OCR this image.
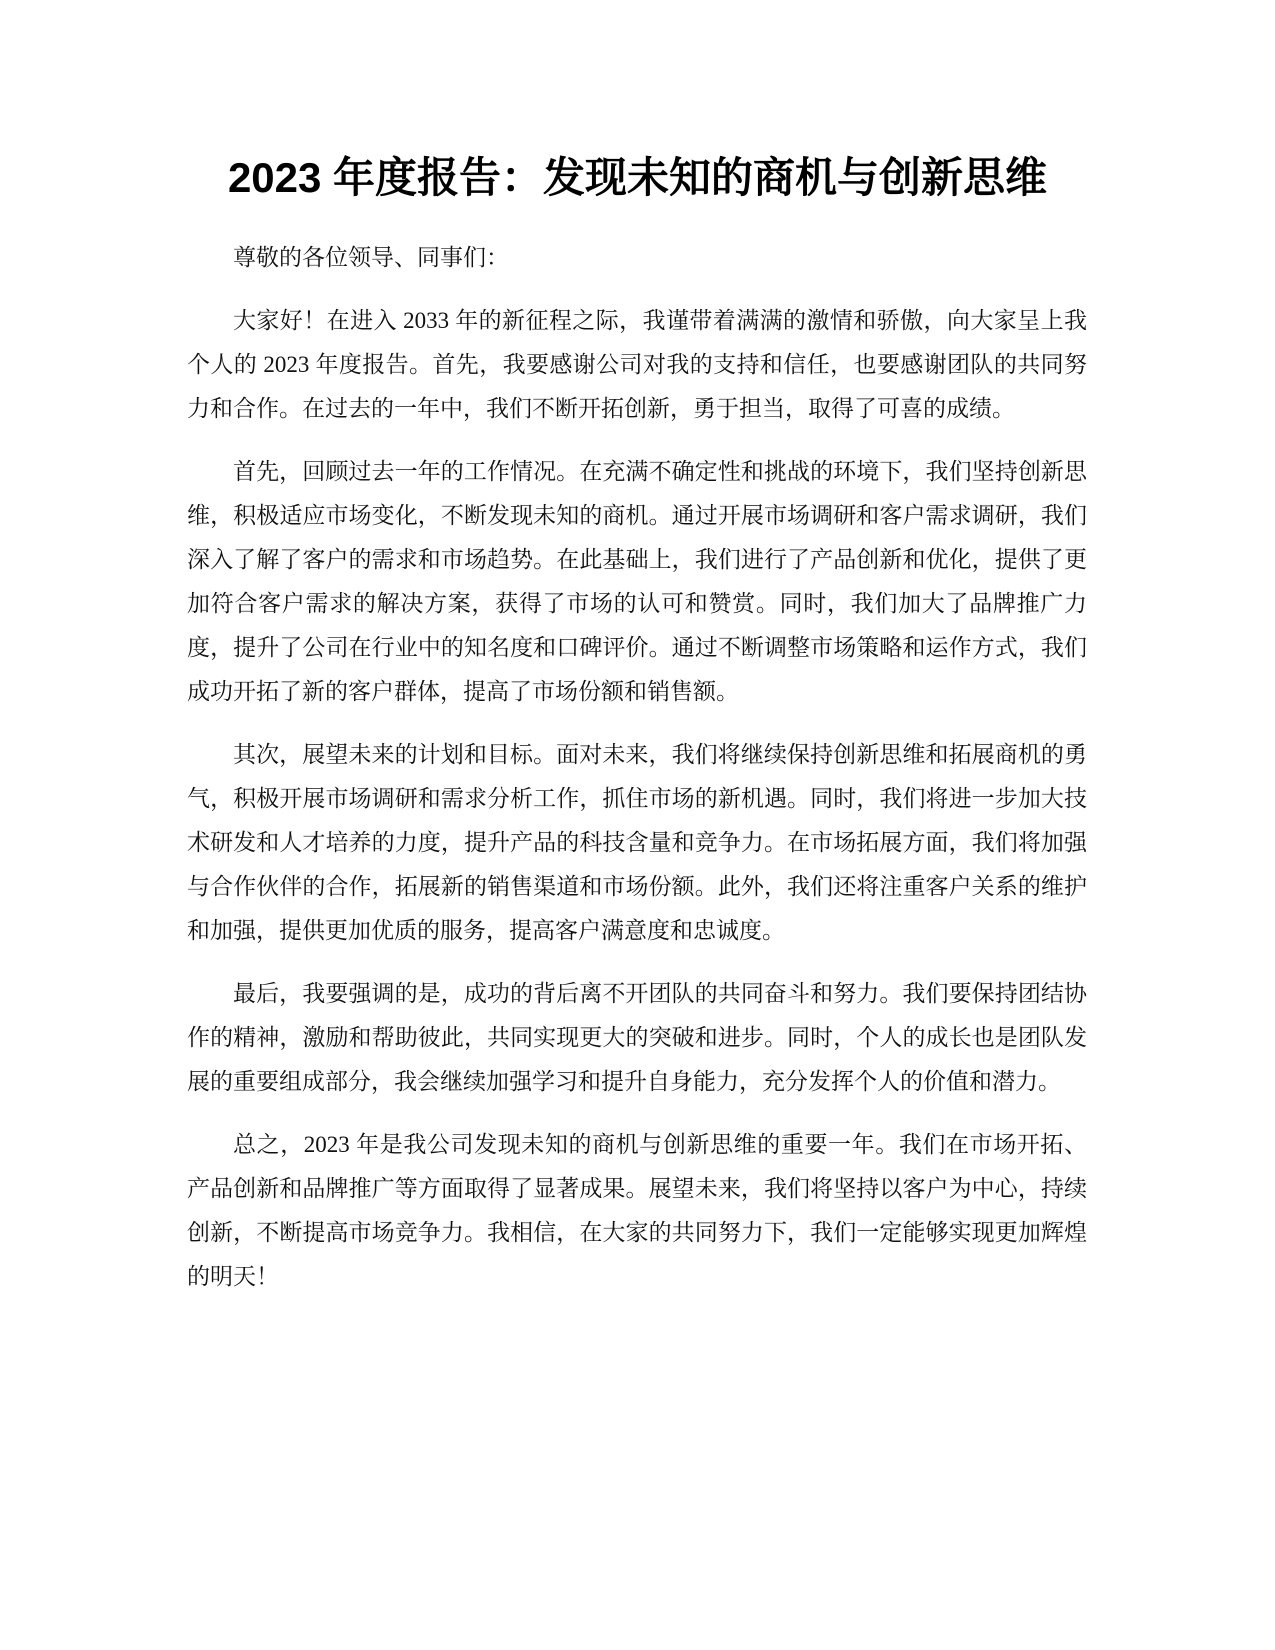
2023 年度报告：发现未知的商机与创新思维

尊敬的各位领导、同事们：

大家好！在进入 2033 年的新征程之际，我谨带着满满的激情和骄傲，向大家呈上我个人的 2023 年度报告。首先，我要感谢公司对我的支持和信任，也要感谢团队的共同努力和合作。在过去的一年中，我们不断开拓创新，勇于担当，取得了可喜的成绩。

首先，回顾过去一年的工作情况。在充满不确定性和挑战的环境下，我们坚持创新思维，积极适应市场变化，不断发现未知的商机。通过开展市场调研和客户需求调研，我们深入了解了客户的需求和市场趋势。在此基础上，我们进行了产品创新和优化，提供了更加符合客户需求的解决方案，获得了市场的认可和赞赏。同时，我们加大了品牌推广力度，提升了公司在行业中的知名度和口碑评价。通过不断调整市场策略和运作方式，我们成功开拓了新的客户群体，提高了市场份额和销售额。

其次，展望未来的计划和目标。面对未来，我们将继续保持创新思维和拓展商机的勇气，积极开展市场调研和需求分析工作，抓住市场的新机遇。同时，我们将进一步加大技术研发和人才培养的力度，提升产品的科技含量和竞争力。在市场拓展方面，我们将加强与合作伙伴的合作，拓展新的销售渠道和市场份额。此外，我们还将注重客户关系的维护和加强，提供更加优质的服务，提高客户满意度和忠诚度。

最后，我要强调的是，成功的背后离不开团队的共同奋斗和努力。我们要保持团结协作的精神，激励和帮助彼此，共同实现更大的突破和进步。同时，个人的成长也是团队发展的重要组成部分，我会继续加强学习和提升自身能力，充分发挥个人的价值和潜力。

总之，2023 年是我公司发现未知的商机与创新思维的重要一年。我们在市场开拓、产品创新和品牌推广等方面取得了显著成果。展望未来，我们将坚持以客户为中心，持续创新，不断提高市场竞争力。我相信，在大家的共同努力下，我们一定能够实现更加辉煌的明天！
